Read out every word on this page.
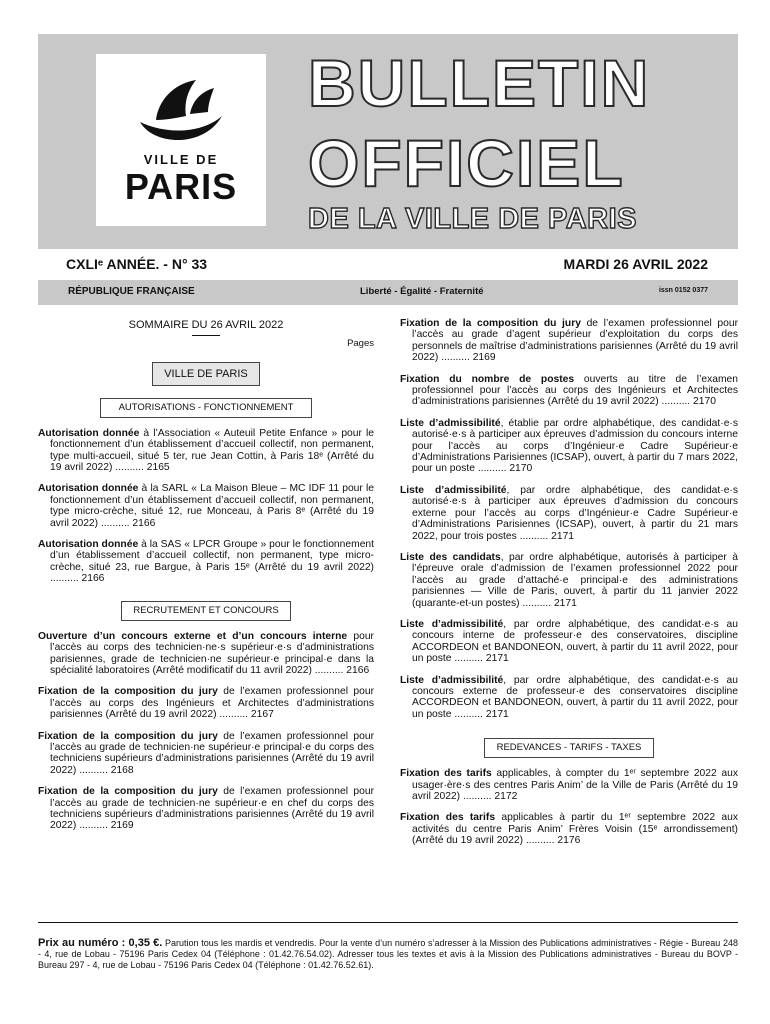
VILLE DE
PARIS
BULLETIN
OFFICIEL
DE LA VILLE DE PARIS
CXLIᵉ ANNÉE. - N° 33	MARDI 26 AVRIL 2022
RÉPUBLIQUE FRANÇAISE	Liberté - Égalité - Fraternité	issn 0152 0377
SOMMAIRE DU 26 AVRIL 2022
Pages
VILLE DE PARIS
AUTORISATIONS - FONCTIONNEMENT
Autorisation donnée à l’Association « Auteuil Petite Enfance » pour le fonctionnement d’un établissement d’accueil collectif, non permanent, type multi-accueil, situé 5 ter, rue Jean Cottin, à Paris 18ᵉ (Arrêté du 19 avril 2022) .......... 2165
Autorisation donnée à la SARL « La Maison Bleue – MC IDF 11 pour le fonctionnement d’un établissement d’accueil collectif, non permanent, type micro-crèche, situé 12, rue Monceau, à Paris 8ᵉ (Arrêté du 19 avril 2022) .......... 2166
Autorisation donnée à la SAS « LPCR Groupe » pour le fonctionnement d’un établissement d’accueil collectif, non permanent, type micro-crèche, situé 23, rue Bargue, à Paris 15ᵉ (Arrêté du 19 avril 2022) .......... 2166
RECRUTEMENT ET CONCOURS
Ouverture d’un concours externe et d’un concours interne pour l’accès au corps des technicien·ne·s supérieur·e·s d’administrations parisiennes, grade de technicien·ne supérieur·e principal·e dans la spécialité laboratoires (Arrêté modificatif du 11 avril 2022) .......... 2166
Fixation de la composition du jury de l’examen professionnel pour l’accès au corps des Ingénieurs et Architectes d’administrations parisiennes (Arrêté du 19 avril 2022) .......... 2167
Fixation de la composition du jury de l’examen professionnel pour l’accès au grade de technicien·ne supérieur·e principal·e du corps des techniciens supérieurs d’administrations parisiennes (Arrêté du 19 avril 2022) .......... 2168
Fixation de la composition du jury de l’examen professionnel pour l’accès au grade de technicien·ne supérieur·e en chef du corps des techniciens supérieurs d’administrations parisiennes (Arrêté du 19 avril 2022) .......... 2169
Fixation de la composition du jury de l’examen professionnel pour l’accès au grade d’agent supérieur d’exploitation du corps des personnels de maîtrise d’administrations parisiennes (Arrêté du 19 avril 2022) .......... 2169
Fixation du nombre de postes ouverts au titre de l’examen professionnel pour l’accès au corps des Ingénieurs et Architectes d’administrations parisiennes (Arrêté du 19 avril 2022) .......... 2170
Liste d’admissibilité, établie par ordre alphabétique, des candidat·e·s autorisé·e·s à participer aux épreuves d’admission du concours interne pour l’accès au corps d’Ingénieur·e Cadre Supérieur·e d’Administrations Parisiennes (ICSAP), ouvert, à partir du 7 mars 2022, pour un poste .......... 2170
Liste d’admissibilité, par ordre alphabétique, des candidat·e·s autorisé·e·s à participer aux épreuves d’admission du concours externe pour l’accès au corps d’Ingénieur·e Cadre Supérieur·e d’Administrations Parisiennes (ICSAP), ouvert, à partir du 21 mars 2022, pour trois postes .......... 2171
Liste des candidats, par ordre alphabétique, autorisés à participer à l’épreuve orale d’admission de l’examen professionnel 2022 pour l’accès au grade d’attaché·e principal·e des administrations parisiennes — Ville de Paris, ouvert, à partir du 11 janvier 2022 (quarante-et-un postes) .......... 2171
Liste d’admissibilité, par ordre alphabétique, des candidat·e·s au concours interne de professeur·e des conservatoires, discipline ACCORDEON et BANDONEON, ouvert, à partir du 11 avril 2022, pour un poste .......... 2171
Liste d’admissibilité, par ordre alphabétique, des candidat·e·s au concours externe de professeur·e des conservatoires discipline ACCORDEON et BANDONEON, ouvert, à partir du 11 avril 2022, pour un poste .......... 2171
REDEVANCES - TARIFS - TAXES
Fixation des tarifs applicables, à compter du 1ᵉʳ septembre 2022 aux usager·ère·s des centres Paris Anim’ de la Ville de Paris (Arrêté du 19 avril 2022) .......... 2172
Fixation des tarifs applicables à partir du 1ᵉʳ septembre 2022 aux activités du centre Paris Anim’ Frères Voisin (15ᵉ arrondissement) (Arrêté du 19 avril 2022) .......... 2176
Prix au numéro : 0,35 €. Parution tous les mardis et vendredis. Pour la vente d’un numéro s’adresser à la Mission des Publications administratives - Régie - Bureau 248 - 4, rue de Lobau - 75196 Paris Cedex 04 (Téléphone : 01.42.76.54.02). Adresser tous les textes et avis à la Mission des Publications administratives - Bureau du BOVP - Bureau 297 - 4, rue de Lobau - 75196 Paris Cedex 04 (Téléphone : 01.42.76.52.61).
